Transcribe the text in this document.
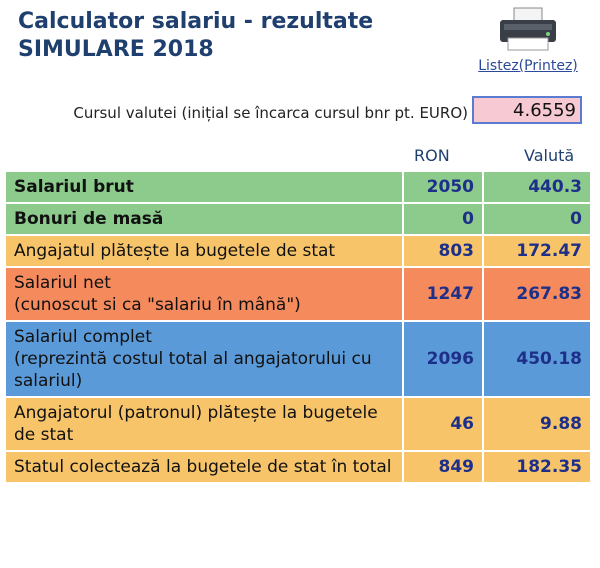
Calculator salariu - rezultate
SIMULARE 2018
Listez(Printez)
Cursul valutei (inițial se încarca cursul bnr pt. EURO)
4.6559
RON	Valută
Salariul brut	2050	440.3

Bonuri de masă	0	0

Angajatul plătește la bugetele de stat	803	172.47

Salariul net
(cunoscut si ca "salariu în mână")	1247	267.83

Salariul complet
(reprezintă costul total al angajatorului cu salariul)	2096	450.18

Angajatorul (patronul) plătește la bugetele de stat	46	9.88

Statul colectează la bugetele de stat în total	849	182.35
